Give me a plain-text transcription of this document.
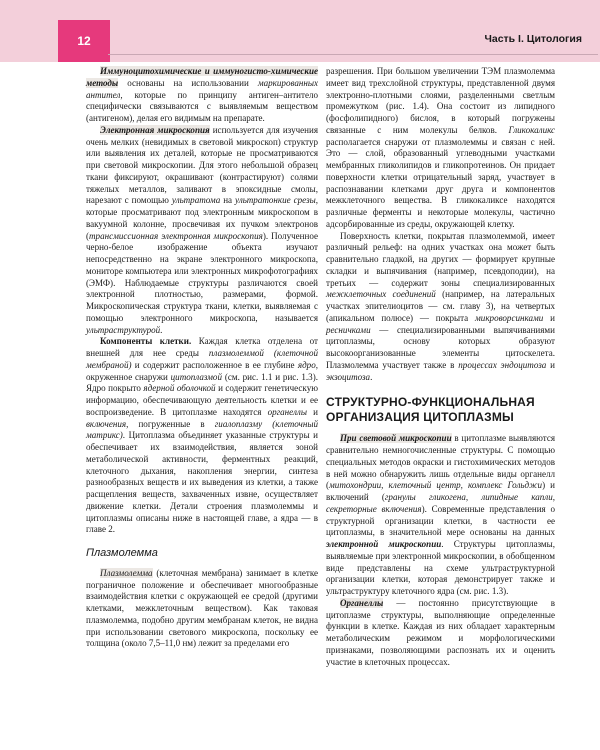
12	Часть I. Цитология

Иммуноцитохимические и иммуногисто-химические методы основаны на использовании маркированных антител, которые по принципу антиген–антитело специфически связываются с выявляемым веществом (антигеном), делая его видимым на препарате.

Электронная микроскопия используется для изучения очень мелких (невидимых в световой микроскоп) структур или выявления их деталей, которые не просматриваются при световой микроскопии. Для этого небольшой образец ткани фиксируют, окрашивают (контрастируют) солями тяжелых металлов, заливают в эпоксидные смолы, нарезают с помощью ультратома на ультратонкие срезы, которые просматривают под электронным микроскопом в вакуумной колонне, просвечивая их пучком электронов (трансмиссионная электронная микроскопия). Полученное черно-белое изображение объекта изучают непосредственно на экране электронного микроскопа, мониторе компьютера или электронных микрофотографиях (ЭМФ). Наблюдаемые структуры различаются своей электронной плотностью, размерами, формой. Микроскопическая структура ткани, клетки, выявляемая с помощью электронного микроскопа, называется ультраструктурой.

Компоненты клетки. Каждая клетка отделена от внешней для нее среды плазмолеммой (клеточной мембраной) и содержит расположенное в ее глубине ядро, окруженное снаружи цитоплазмой (см. рис. 1.1 и рис. 1.3). Ядро покрыто ядерной оболочкой и содержит генетическую информацию, обеспечивающую деятельность клетки и ее воспроизведение. В цитоплазме находятся органеллы и включения, погруженные в гиалоплазму (клеточный матрикс). Цитоплазма объединяет указанные структуры и обеспечивает их взаимодействия, является зоной метаболической активности, ферментных реакций, клеточного дыхания, накопления энергии, синтеза разнообразных веществ и их выведения из клетки, а также расщепления веществ, захваченных извне, осуществляет движение клетки. Детали строения плазмолеммы и цитоплазмы описаны ниже в настоящей главе, а ядра — в главе 2.

Плазмолемма

Плазмолемма (клеточная мембрана) занимает в клетке пограничное положение и обеспечивает многообразные взаимодействия клетки с окружающей ее средой (другими клетками, межклеточным веществом). Как таковая плазмолемма, подобно другим мембранам клеток, не видна при использовании светового микроскопа, поскольку ее толщина (около 7,5–11,0 нм) лежит за пределами его

разрешения. При большом увеличении ТЭМ плазмолемма имеет вид трехслойной структуры, представленной двумя электронно-плотными слоями, разделенными светлым промежутком (рис. 1.4). Она состоит из липидного (фосфолипидного) бислоя, в который погружены связанные с ним молекулы белков. Гликокаликс располагается снаружи от плазмолеммы и связан с ней. Это — слой, образованный углеводными участками мембранных гликолипидов и гликопротеинов. Он придает поверхности клетки отрицательный заряд, участвует в распознавании клетками друг друга и компонентов межклеточного вещества. В гликокаликсе находятся различные ферменты и некоторые молекулы, частично адсорбированные из среды, окружающей клетку.

Поверхность клетки, покрытая плазмолеммой, имеет различный рельеф: на одних участках она может быть сравнительно гладкой, на других — формирует крупные складки и выпячивания (например, псевдоподии), на третьих — содержит зоны специализированных межклеточных соединений (например, на латеральных участках эпителиоцитов — см. главу 3), на четвертых (апикальном полюсе) — покрыта микроворсинками и ресничками — специализированными выпячиваниями цитоплазмы, основу которых образуют высокоорганизованные элементы цитоскелета. Плазмолемма участвует также в процессах эндоцитоза и экзоцитоза.

СТРУКТУРНО-ФУНКЦИОНАЛЬНАЯ ОРГАНИЗАЦИЯ ЦИТОПЛАЗМЫ

При световой микроскопии в цитоплазме выявляются сравнительно немногочисленные структуры. С помощью специальных методов окраски и гистохимических методов в ней можно обнаружить лишь отдельные виды органелл (митохондрии, клеточный центр, комплекс Гольджи) и включений (гранулы гликогена, липидные капли, секреторные включения). Современные представления о структурной организации клетки, в частности ее цитоплазмы, в значительной мере основаны на данных электронной микроскопии. Структуры цитоплазмы, выявляемые при электронной микроскопии, в обобщенном виде представлены на схеме ультраструктурной организации клетки, которая демонстрирует также и ультраструктуру клеточного ядра (см. рис. 1.3).

Органеллы — постоянно присутствующие в цитоплазме структуры, выполняющие определенные функции в клетке. Каждая из них обладает характерным метаболическим режимом и морфологическими признаками, позволяющими распознать их и оценить участие в клеточных процессах.
